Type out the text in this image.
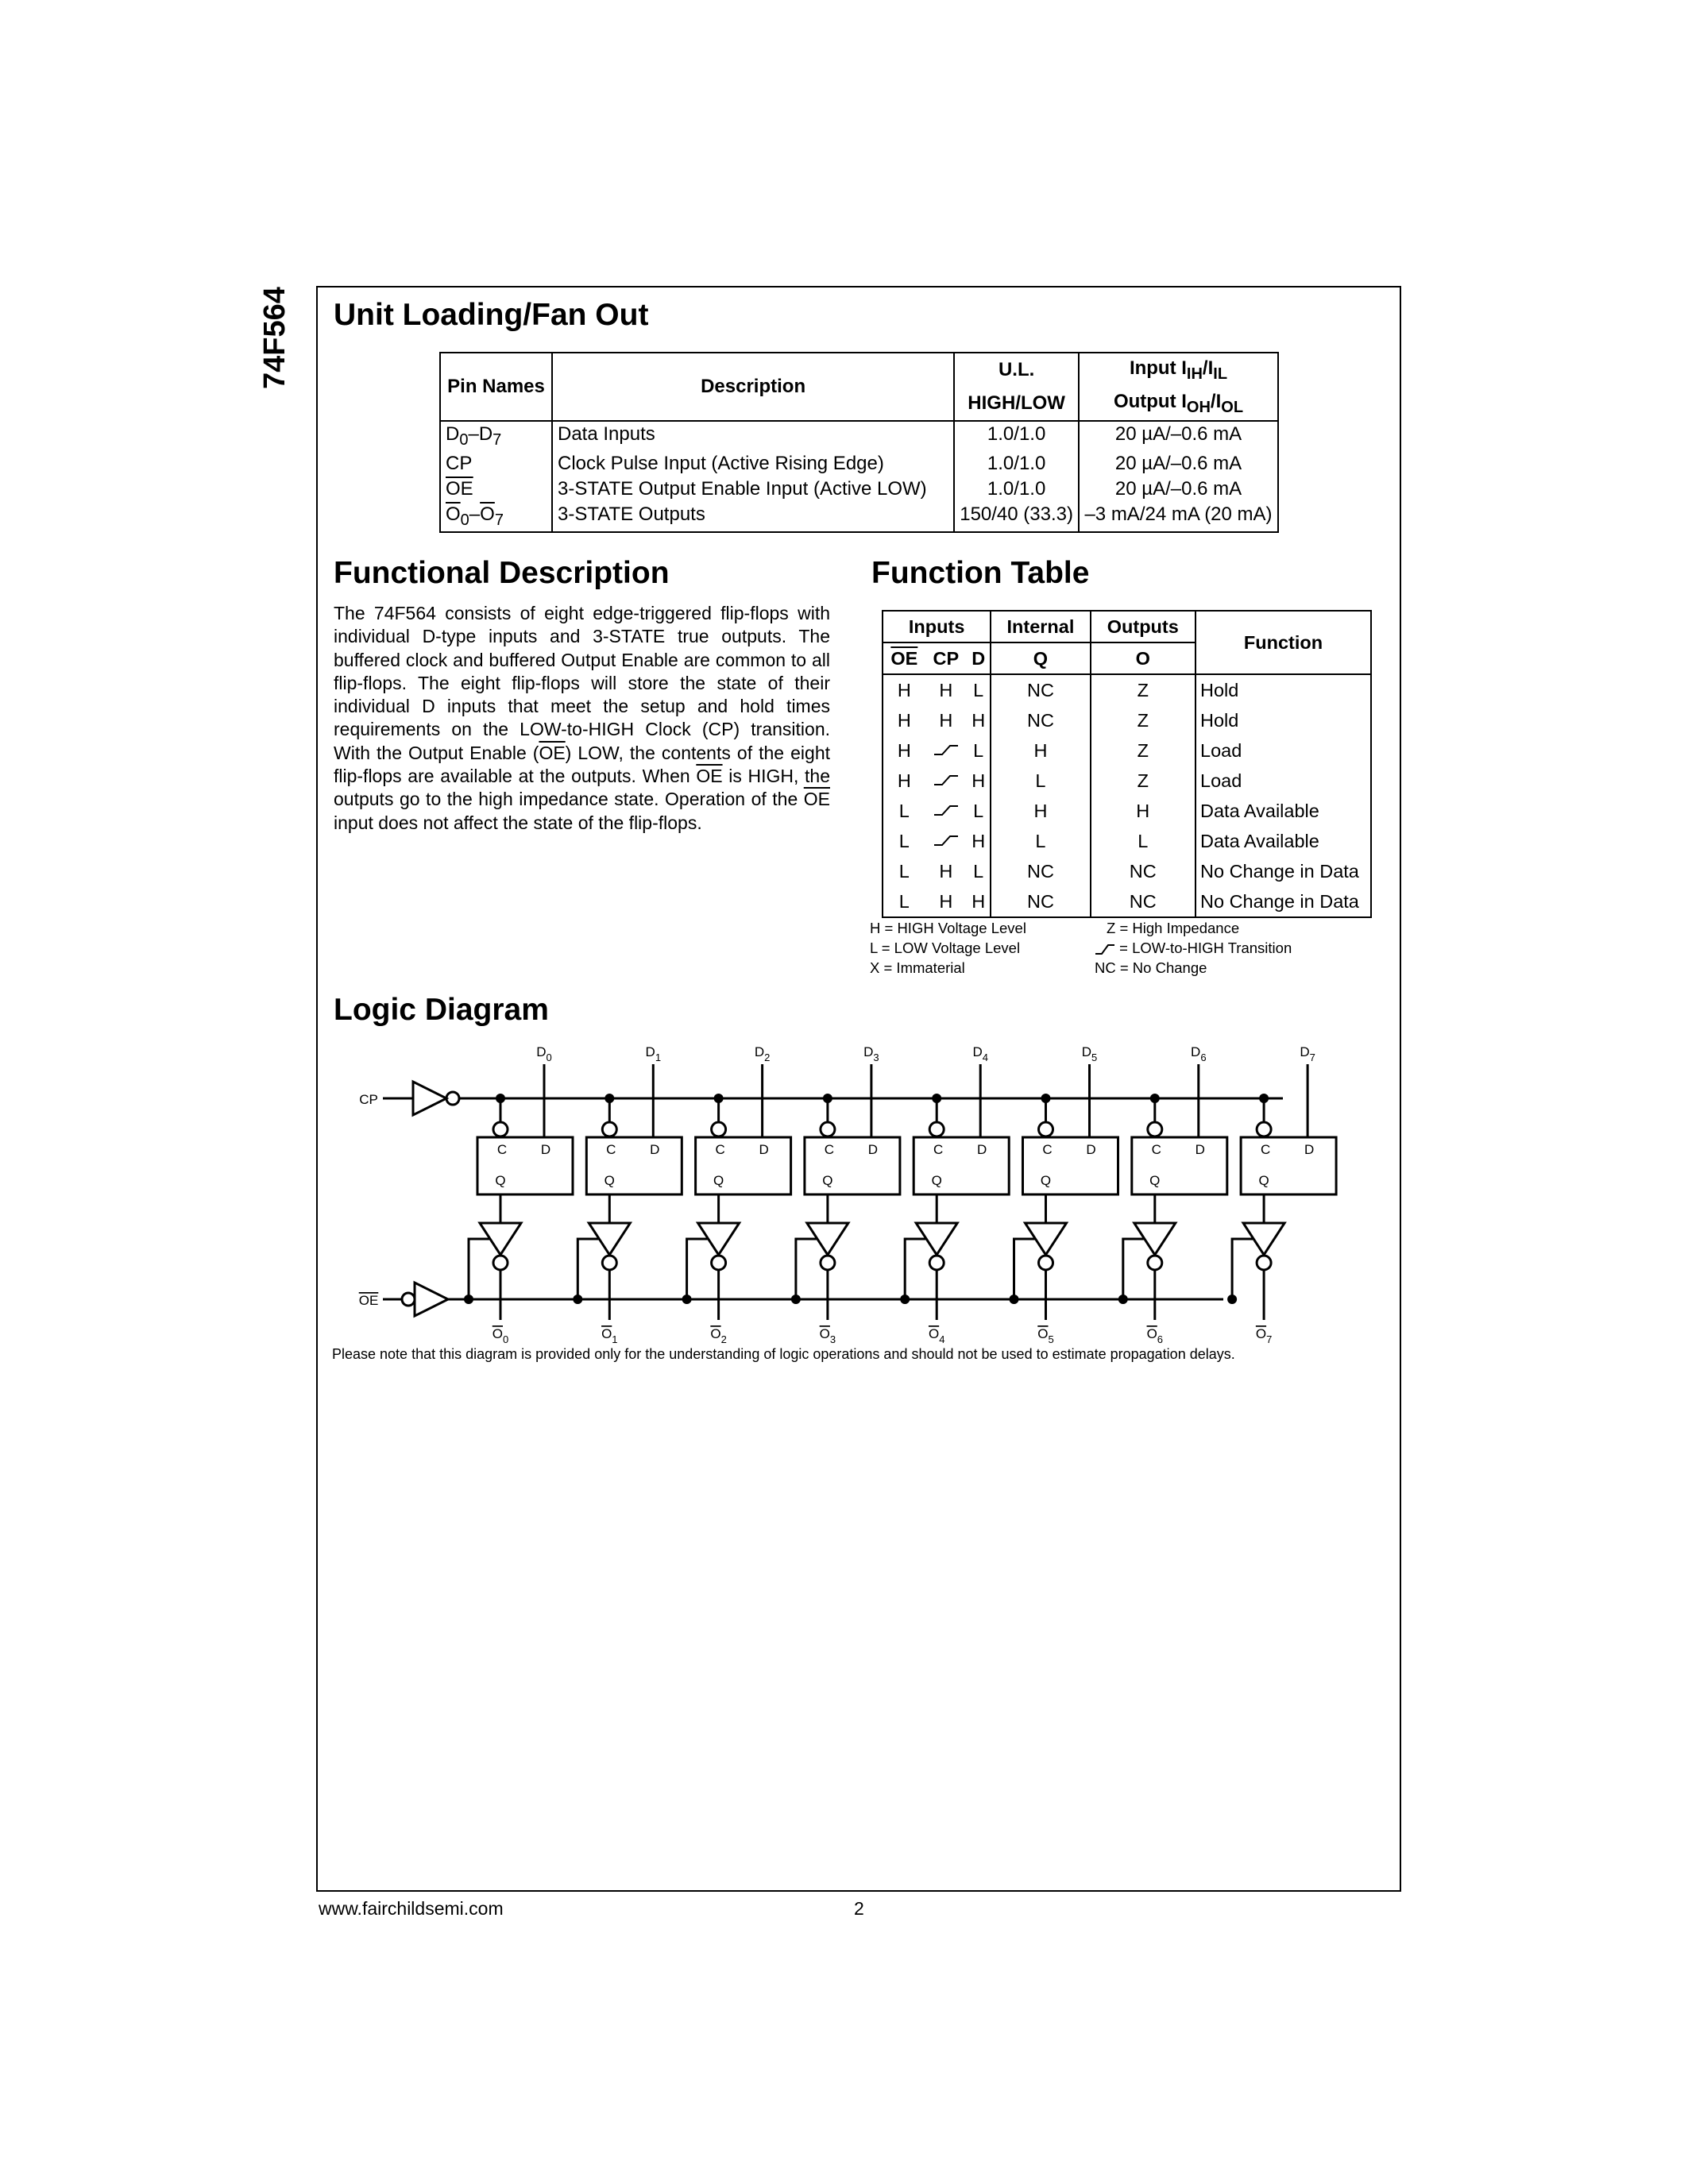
74F564 Unit Loading/Fan Out
Pin Names	Description	U.L.	Input $I_{IH}/I_{IL}$
		HIGH/LOW	Output $I_{OH}/I_{OL}$
$D_0-D_7$	Data Inputs	1.0/1.0	20 µA/–0.6 mA
CP	Clock Pulse Input (Active Rising Edge)	1.0/1.0	20 µA/–0.6 mA
$\overline{OE}$	3-STATE Output Enable Input (Active LOW)	1.0/1.0	20 µA/–0.6 mA
$\overline{O}_0-\overline{O}_7$	3-STATE Outputs	150/40 (33.3)	–3 mA/24 mA (20 mA)
Functional Description
The 74F564 consists of eight edge-triggered flip-flops with individual D-type inputs and 3-STATE true outputs. The buffered clock and buffered Output Enable are common to all flip-flops. The eight flip-flops will store the state of their individual D inputs that meet the setup and hold times requirements on the LOW-to-HIGH Clock (CP) transition. With the Output Enable $(\overline{OE})$ LOW, the contents of the eight flip-flops are available at the outputs. When $\overline{OE}$ is HIGH, the outputs go to the high impedance state. Operation of the $\overline{OE}$ input does not affect the state of the flip-flops.
Function Table
Inputs			Internal	Outputs	Function
$\overline{OE}$	CP	D	Q	O	
H	H	L	NC	Z	Hold
H	H	H	NC	Z	Hold
H		L	H	Z	Load
H		H	L	Z	Load
L		L	H	H	Data Available
L		H	L	L	Data Available
L	H	L	NC	NC	No Change in Data
L	H	H	NC	NC	No Change in Data
H = HIGH Voltage Level
L = LOW Voltage Level
X = Immaterial
Z = High Impedance
= LOW-to-HIGH Transition
NC = No Change
Logic Diagram
CP
OE
C	D
Q
$D_0$
$O_0$
C	D
Q
$D_1$
$O_1$
C	D
Q
$D_2$
$O_2$
C	D
Q
$D_3$
$O_3$
C	D
Q
$D_4$
$O_4$
C	D
Q
$D_5$
$O_5$
C	D
Q
$D_6$
$O_6$
C	D
Q
$D_7$
$O_7$
Please note that this diagram is provided only for the understanding of logic operations and should not be used to estimate propagation delays.
www.fairchildsemi.com	2
